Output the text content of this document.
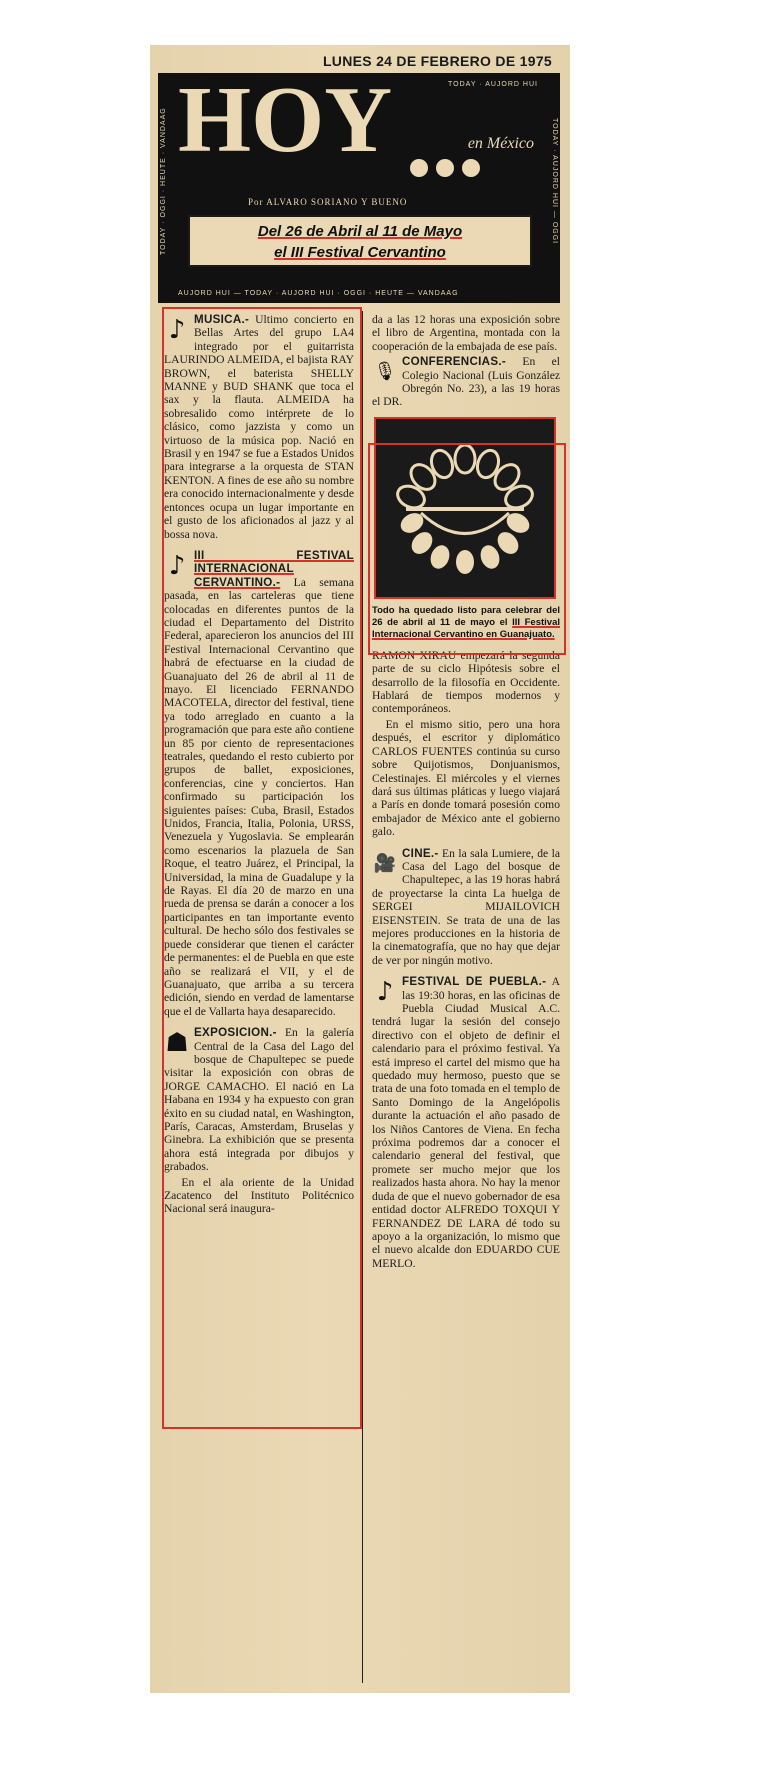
LUNES 24 DE FEBRERO DE 1975
TODAY · OGGI · HEUTE · VANDAAG	TODAY · AUJORD HUI — OGGI
HOY	TODAY · AUJORD HUI
en México
Por ALVARO SORIANO Y BUENO
Del 26 de Abril al 11 de Mayo
el III Festival Cervantino
AUJORD HUI — TODAY · AUJORD HUI · OGGI · HEUTE — VANDAAG
♪ MUSICA.- Ultimo concierto en Bellas Artes del grupo LA4 integrado por el guitarrista LAURINDO ALMEIDA, el bajista RAY BROWN, el baterista SHELLY MANNE y BUD SHANK que toca el sax y la flauta. ALMEIDA ha sobresalido como intérprete de lo clásico, como jazzista y como un virtuoso de la música pop. Nació en Brasil y en 1947 se fue a Estados Unidos para integrarse a la orquesta de STAN KENTON. A fines de ese año su nombre era conocido internacionalmente y desde entonces ocupa un lugar importante en el gusto de los aficionados al jazz y al bossa nova.

♪ III FESTIVAL INTERNACIONAL CERVANTINO.- La semana pasada, en las carteleras que tiene colocadas en diferentes puntos de la ciudad el Departamento del Distrito Federal, aparecieron los anuncios del III Festival Internacional Cervantino que habrá de efectuarse en la ciudad de Guanajuato del 26 de abril al 11 de mayo. El licenciado FERNANDO MACOTELA, director del festival, tiene ya todo arreglado en cuanto a la programación que para este año contiene un 85 por ciento de representaciones teatrales, quedando el resto cubierto por grupos de ballet, exposiciones, conferencias, cine y conciertos. Han confirmado su participación los siguientes países: Cuba, Brasil, Estados Unidos, Francia, Italia, Polonia, URSS, Venezuela y Yugoslavia. Se emplearán como escenarios la plazuela de San Roque, el teatro Juárez, el Principal, la Universidad, la mina de Guadalupe y la de Rayas. El día 20 de marzo en una rueda de prensa se darán a conocer a los participantes en tan importante evento cultural. De hecho sólo dos festivales se puede considerar que tienen el carácter de permanentes: el de Puebla en que este año se realizará el VII, y el de Guanajuato, que arriba a su tercera edición, siendo en verdad de lamentarse que el de Vallarta haya desaparecido.

☗ EXPOSICION.- En la galería Central de la Casa del Lago del bosque de Chapultepec se puede visitar la exposición con obras de JORGE CAMACHO. El nació en La Habana en 1934 y ha expuesto con gran éxito en su ciudad natal, en Washington, París, Caracas, Amsterdam, Bruselas y Ginebra. La exhibición que se presenta ahora está integrada por dibujos y grabados.

En el ala oriente de la Unidad Zacatenco del Instituto Politécnico Nacional será inaugura-

da a las 12 horas una exposición sobre el libro de Argentina, montada con la cooperación de la embajada de ese país.

🎙 CONFERENCIAS.- En el Colegio Nacional (Luis González Obregón No. 23), a las 19 horas el DR.

Todo ha quedado listo para celebrar del 26 de abril al 11 de mayo el III Festival Internacional Cervantino en Guanajuato.

RAMON XIRAU empezará la segunda parte de su ciclo Hipótesis sobre el desarrollo de la filosofía en Occidente. Hablará de tiempos modernos y contemporáneos.

En el mismo sitio, pero una hora después, el escritor y diplomático CARLOS FUENTES continúa su curso sobre Quijotismos, Donjuanismos, Celestinajes. El miércoles y el viernes dará sus últimas pláticas y luego viajará a París en donde tomará posesión como embajador de México ante el gobierno galo.

🎥 CINE.- En la sala Lumiere, de la Casa del Lago del bosque de Chapultepec, a las 19 horas habrá de proyectarse la cinta La huelga de SERGEI MIJAILOVICH EISENSTEIN. Se trata de una de las mejores producciones en la historia de la cinematografía, que no hay que dejar de ver por ningún motivo.

♪ FESTIVAL DE PUEBLA.- A las 19:30 horas, en las oficinas de Puebla Ciudad Musical A.C. tendrá lugar la sesión del consejo directivo con el objeto de definir el calendario para el próximo festival. Ya está impreso el cartel del mismo que ha quedado muy hermoso, puesto que se trata de una foto tomada en el templo de Santo Domingo de la Angelópolis durante la actuación el año pasado de los Niños Cantores de Viena. En fecha próxima podremos dar a conocer el calendario general del festival, que promete ser mucho mejor que los realizados hasta ahora. No hay la menor duda de que el nuevo gobernador de esa entidad doctor ALFREDO TOXQUI Y FERNANDEZ DE LARA dé todo su apoyo a la organización, lo mismo que el nuevo alcalde don EDUARDO CUE MERLO.
